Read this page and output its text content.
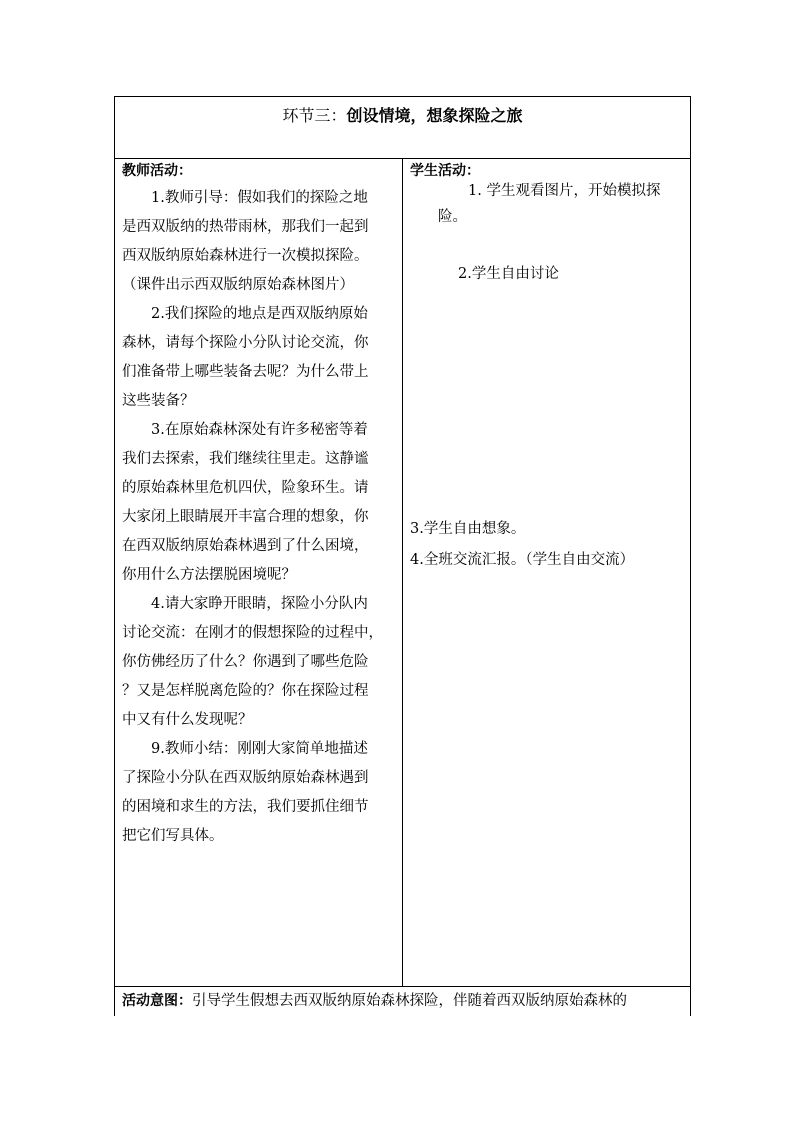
环节三：创设情境，想象探险之旅
教师活动：
1.教师引导：假如我们的探险之地
是西双版纳的热带雨林，那我们一起到
西双版纳原始森林进行一次模拟探险。
（课件出示西双版纳原始森林图片）
2.我们探险的地点是西双版纳原始
森林，请每个探险小分队讨论交流，你
们准备带上哪些装备去呢？为什么带上
这些装备？
3.在原始森林深处有许多秘密等着
我们去探索，我们继续往里走。这静谧
的原始森林里危机四伏，险象环生。请
大家闭上眼睛展开丰富合理的想象，你
在西双版纳原始森林遇到了什么困境，
你用什么方法摆脱困境呢？
4.请大家睁开眼睛，探险小分队内
讨论交流：在刚才的假想探险的过程中，
你仿佛经历了什么？你遇到了哪些危险
？又是怎样脱离危险的？你在探险过程
中又有什么发现呢？
9.教师小结：刚刚大家简单地描述
了探险小分队在西双版纳原始森林遇到
的困境和求生的方法，我们要抓住细节
把它们写具体。
学生活动：
1. 学生观看图片，开始模拟探
险。
2.学生自由讨论
3.学生自由想象。
4.全班交流汇报。（学生自由交流）
活动意图：引导学生假想去西双版纳原始森林探险，伴随着西双版纳原始森林的
